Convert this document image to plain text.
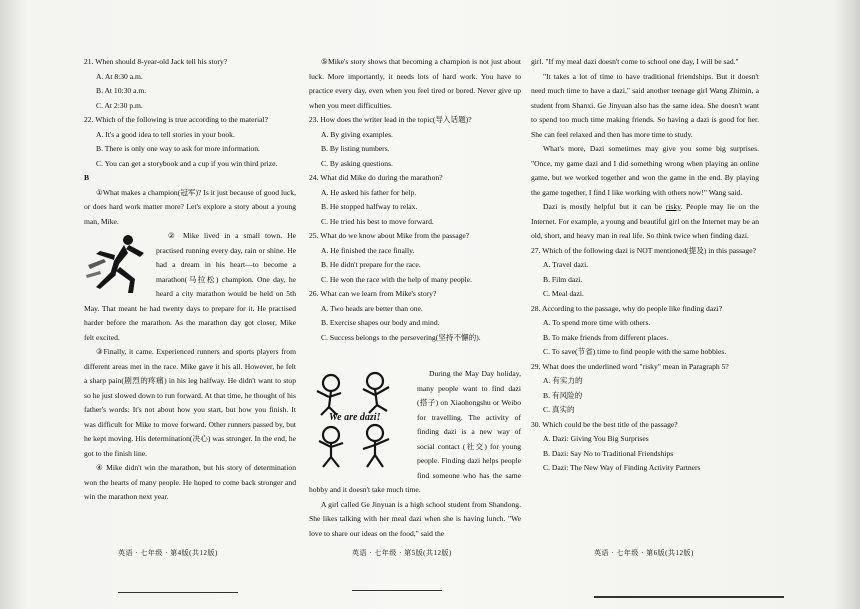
21. When should 8-year-old Jack tell his story?

A. At 8:30 a.m.

B. At 10:30 a.m.

C. At 2:30 p.m.

22. Which of the following is true according to the material?

A. It's a good idea to tell stories in your book.

B. There is only one way to ask for more information.

C. You can get a storybook and a cup if you win third prize.

B

①What makes a champion(冠军)? Is it just because of good luck, or does hard work matter more? Let's explore a story about a young man, Mike.

② Mike lived in a small town. He practised running every day, rain or shine. He had a dream in his heart—to become a marathon(马拉松) champion. One day, he heard a city marathon would be held on 5th May. That meant he had twenty days to prepare for it. He practised harder before the marathon. As the marathon day got closer, Mike felt excited.

③Finally, it came. Experienced runners and sports players from different areas met in the race. Mike gave it his all. However, he felt a sharp pain(剧烈的疼痛) in his leg halfway. He didn't want to stop so he just slowed down to run forward. At that time, he thought of his father's words: It's not about how you start, but how you finish. It was difficult for Mike to move forward. Other runners passed by, but he kept moving. His determination(决心) was stronger. In the end, he got to the finish line.

④ Mike didn't win the marathon, but his story of determination won the hearts of many people. He hoped to come back stronger and win the marathon next year.

⑤Mike's story shows that becoming a champion is not just about luck. More importantly, it needs lots of hard work. You have to practice every day, even when you feel tired or bored. Never give up when you meet difficulties.

23. How does the writer lead in the topic(导入话题)?

A. By giving examples.

B. By listing numbers.

C. By asking questions.

24. What did Mike do during the marathon?

A. He asked his father for help.

B. He stopped halfway to relax.

C. He tried his best to move forward.

25. What do we know about Mike from the passage?

A. He finished the race finally.

B. He didn't prepare for the race.

C. He won the race with the help of many people.

26. What can we learn from Mike's story?

A. Two heads are better than one.

B. Exercise shapes our body and mind.

C. Success belongs to the persevering(坚持不懈的).

We are dazi!

During the May Day holiday, many people want to find dazi (搭子) on Xiaohongshu or Weibo for travelling. The activity of finding dazi is a new way of social contact (社交) for young people. Finding dazi helps people find someone who has the same hobby and it doesn't take much time.

A girl called Ge Jinyuan is a high school student from Shandong. She likes talking with her meal dazi when she is having lunch. "We love to share our ideas on the food," said the

girl. "If my meal dazi doesn't come to school one day, I will be sad."

"It takes a lot of time to have traditional friendships. But it doesn't need much time to have a dazi," said another teenage girl Wang Zhimin, a student from Shanxi. Ge Jinyuan also has the same idea. She doesn't want to spend too much time making friends. So having a dazi is good for her. She can feel relaxed and then has more time to study.

What's more, Dazi sometimes may give you some big surprises. "Once, my game dazi and I did something wrong when playing an online game, but we worked together and won the game in the end. By playing the game together, I find I like working with others now!" Wang said.

Dazi is mostly helpful but it can be risky. People may lie on the Internet. For example, a young and beautiful girl on the Internet may be an old, short, and heavy man in real life. So think twice when finding dazi.

27. Which of the following dazi is NOT mentioned(提及) in this passage?

A. Travel dazi.

B. Film dazi.

C. Meal dazi.

28. According to the passage, why do people like finding dazi?

A. To spend more time with others.

B. To make friends from different places.

C. To save(节省) time to find people with the same hobbies.

29. What does the underlined word "risky" mean in Paragraph 5?

A. 有实力的

B. 有风险的

C. 真实的

30. Which could be the best title of the passage?

A. Dazi: Giving You Big Surprises

B. Dazi: Say No to Traditional Friendships

C. Dazi: The New Way of Finding Activity Partners

英语 · 七年级 · 第4版(共12版)	英语 · 七年级 · 第5版(共12版)	英语 · 七年级 · 第6版(共12版)
